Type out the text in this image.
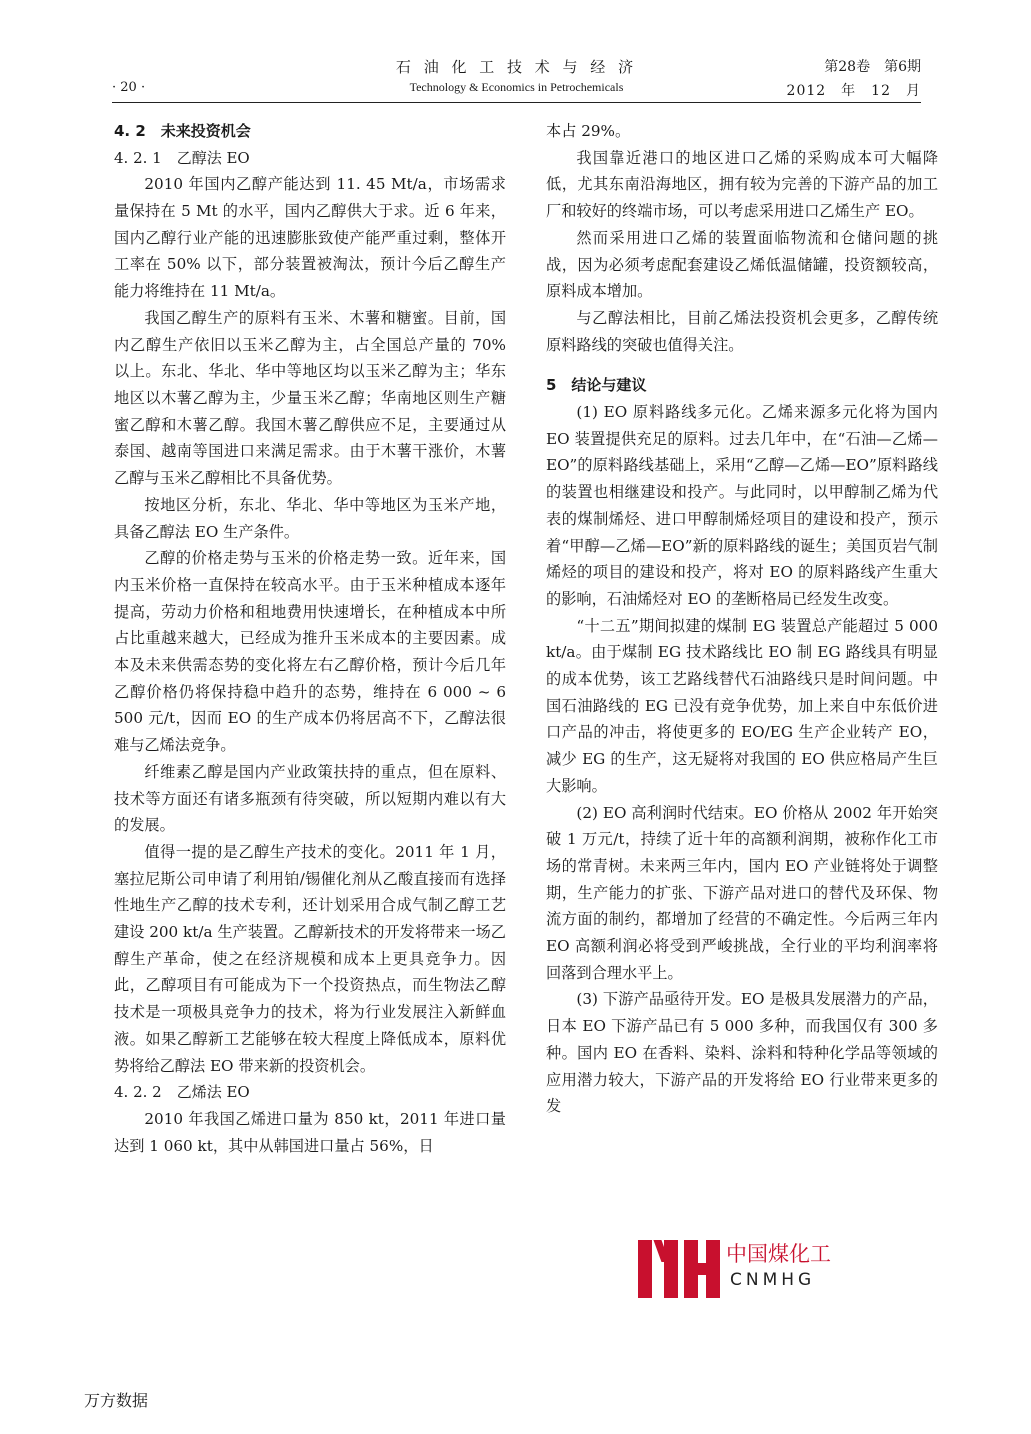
石 油 化 工 技 术 与 经 济
· 20 ·	Technology & Economics in Petrochemicals
第28卷　第6期
2012　年　12　月
4. 2　未来投资机会
4. 2. 1　乙醇法 EO

2010 年国内乙醇产能达到 11. 45 Mt/a，市场需求量保持在 5 Mt 的水平，国内乙醇供大于求。近 6 年来，国内乙醇行业产能的迅速膨胀致使产能严重过剩，整体开工率在 50% 以下，部分装置被淘汰，预计今后乙醇生产能力将维持在 11 Mt/a。

我国乙醇生产的原料有玉米、木薯和糖蜜。目前，国内乙醇生产依旧以玉米乙醇为主，占全国总产量的 70% 以上。东北、华北、华中等地区均以玉米乙醇为主；华东地区以木薯乙醇为主，少量玉米乙醇；华南地区则生产糖蜜乙醇和木薯乙醇。我国木薯乙醇供应不足，主要通过从泰国、越南等国进口来满足需求。由于木薯干涨价，木薯乙醇与玉米乙醇相比不具备优势。

按地区分析，东北、华北、华中等地区为玉米产地，具备乙醇法 EO 生产条件。

乙醇的价格走势与玉米的价格走势一致。近年来，国内玉米价格一直保持在较高水平。由于玉米种植成本逐年提高，劳动力价格和租地费用快速增长，在种植成本中所占比重越来越大，已经成为推升玉米成本的主要因素。成本及未来供需态势的变化将左右乙醇价格，预计今后几年乙醇价格仍将保持稳中趋升的态势，维持在 6 000 ~ 6 500 元/t，因而 EO 的生产成本仍将居高不下，乙醇法很难与乙烯法竞争。

纤维素乙醇是国内产业政策扶持的重点，但在原料、技术等方面还有诸多瓶颈有待突破，所以短期内难以有大的发展。

值得一提的是乙醇生产技术的变化。2011 年 1 月，塞拉尼斯公司申请了利用铂/锡催化剂从乙酸直接而有选择性地生产乙醇的技术专利，还计划采用合成气制乙醇工艺建设 200 kt/a 生产装置。乙醇新技术的开发将带来一场乙醇生产革命，使之在经济规模和成本上更具竞争力。因此，乙醇项目有可能成为下一个投资热点，而生物法乙醇技术是一项极具竞争力的技术，将为行业发展注入新鲜血液。如果乙醇新工艺能够在较大程度上降低成本，原料优势将给乙醇法 EO 带来新的投资机会。

4. 2. 2　乙烯法 EO

2010 年我国乙烯进口量为 850 kt，2011 年进口量达到 1 060 kt，其中从韩国进口量占 56%，日

本占 29%。

我国靠近港口的地区进口乙烯的采购成本可大幅降低，尤其东南沿海地区，拥有较为完善的下游产品的加工厂和较好的终端市场，可以考虑采用进口乙烯生产 EO。

然而采用进口乙烯的装置面临物流和仓储问题的挑战，因为必须考虑配套建设乙烯低温储罐，投资额较高，原料成本增加。

与乙醇法相比，目前乙烯法投资机会更多，乙醇传统原料路线的突破也值得关注。

5　结论与建议

(1) EO 原料路线多元化。乙烯来源多元化将为国内 EO 装置提供充足的原料。过去几年中，在“石油—乙烯—EO”的原料路线基础上，采用“乙醇—乙烯—EO”原料路线的装置也相继建设和投产。与此同时，以甲醇制乙烯为代表的煤制烯烃、进口甲醇制烯烃项目的建设和投产，预示着“甲醇—乙烯—EO”新的原料路线的诞生；美国页岩气制烯烃的项目的建设和投产，将对 EO 的原料路线产生重大的影响，石油烯烃对 EO 的垄断格局已经发生改变。

“十二五”期间拟建的煤制 EG 装置总产能超过 5 000 kt/a。由于煤制 EG 技术路线比 EO 制 EG 路线具有明显的成本优势，该工艺路线替代石油路线只是时间问题。中国石油路线的 EG 已没有竞争优势，加上来自中东低价进口产品的冲击，将使更多的 EO/EG 生产企业转产 EO，减少 EG 的生产，这无疑将对我国的 EO 供应格局产生巨大影响。

(2) EO 高利润时代结束。EO 价格从 2002 年开始突破 1 万元/t，持续了近十年的高额利润期，被称作化工市场的常青树。未来两三年内，国内 EO 产业链将处于调整期，生产能力的扩张、下游产品对进口的替代及环保、物流方面的制约，都增加了经营的不确定性。今后两三年内 EO 高额利润必将受到严峻挑战，全行业的平均利润率将回落到合理水平上。

(3) 下游产品亟待开发。EO 是极具发展潜力的产品，日本 EO 下游产品已有 5 000 多种，而我国仅有 300 多种。国内 EO 在香料、染料、涂料和特种化学品等领域的应用潜力较大，下游产品的开发将给 EO 行业带来更多的发

中国煤化工
CNMHG
万方数据
